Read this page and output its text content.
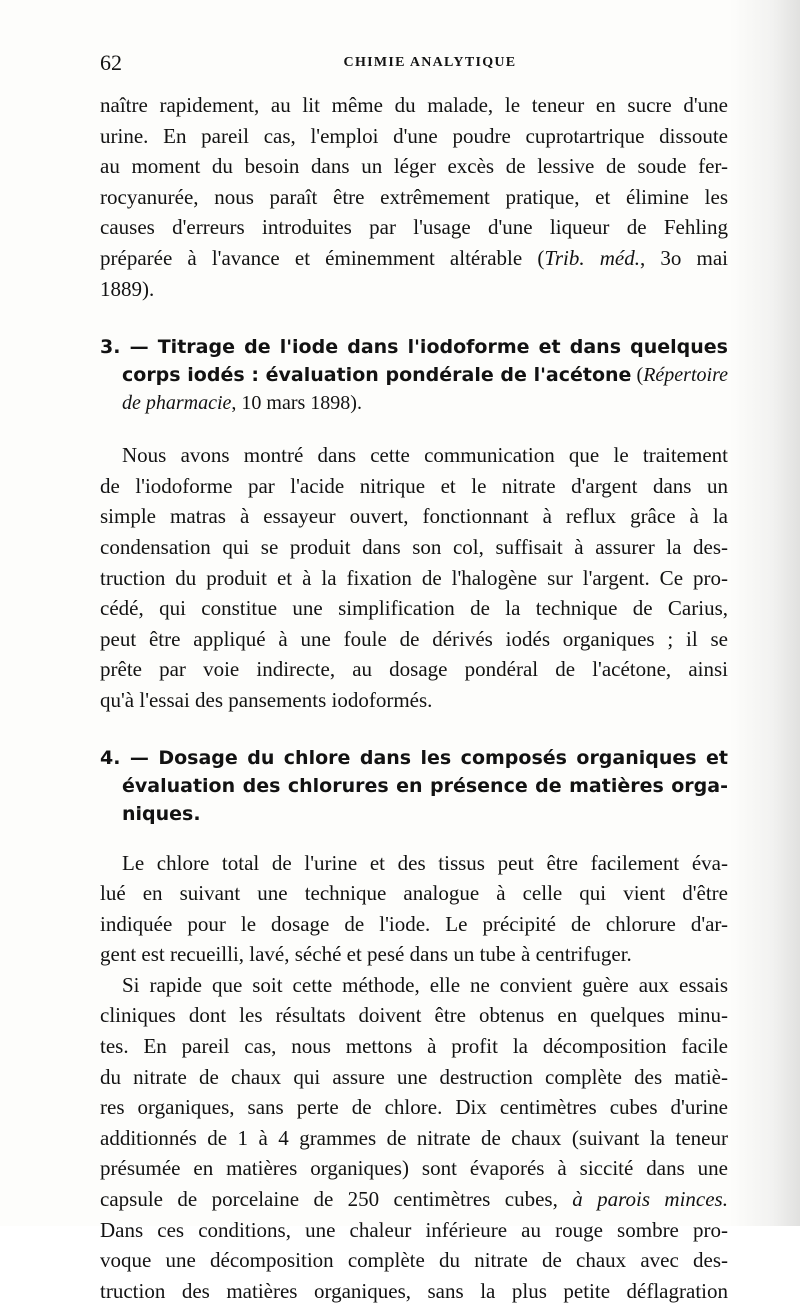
62	CHIMIE ANALYTIQUE
naître rapidement, au lit même du malade, le teneur en sucre d'une
urine. En pareil cas, l'emploi d'une poudre cuprotartrique dissoute
au moment du besoin dans un léger excès de lessive de soude fer-
rocyanurée, nous paraît être extrêmement pratique, et élimine les
causes d'erreurs introduites par l'usage d'une liqueur de Fehling
préparée à l'avance et éminemment altérable (Trib. méd., 3o mai
1889).
3. — Titrage de l'iode dans l'iodoforme et dans quelques
corps iodés : évaluation pondérale de l'acétone (Répertoire
de pharmacie, 10 mars 1898).
Nous avons montré dans cette communication que le traitement
de l'iodoforme par l'acide nitrique et le nitrate d'argent dans un
simple matras à essayeur ouvert, fonctionnant à reflux grâce à la
condensation qui se produit dans son col, suffisait à assurer la des-
truction du produit et à la fixation de l'halogène sur l'argent. Ce pro-
cédé, qui constitue une simplification de la technique de Carius,
peut être appliqué à une foule de dérivés iodés organiques ; il se
prête par voie indirecte, au dosage pondéral de l'acétone, ainsi
qu'à l'essai des pansements iodoformés.
4. — Dosage du chlore dans les composés organiques et
évaluation des chlorures en présence de matières orga-
niques.
Le chlore total de l'urine et des tissus peut être facilement éva-
lué en suivant une technique analogue à celle qui vient d'être
indiquée pour le dosage de l'iode. Le précipité de chlorure d'ar-
gent est recueilli, lavé, séché et pesé dans un tube à centrifuger.
Si rapide que soit cette méthode, elle ne convient guère aux essais
cliniques dont les résultats doivent être obtenus en quelques minu-
tes. En pareil cas, nous mettons à profit la décomposition facile
du nitrate de chaux qui assure une destruction complète des matiè-
res organiques, sans perte de chlore. Dix centimètres cubes d'urine
additionnés de 1 à 4 grammes de nitrate de chaux (suivant la teneur
présumée en matières organiques) sont évaporés à siccité dans une
capsule de porcelaine de 250 centimètres cubes, à parois minces.
Dans ces conditions, une chaleur inférieure au rouge sombre pro-
voque une décomposition complète du nitrate de chaux avec des-
truction des matières organiques, sans la plus petite déflagration
